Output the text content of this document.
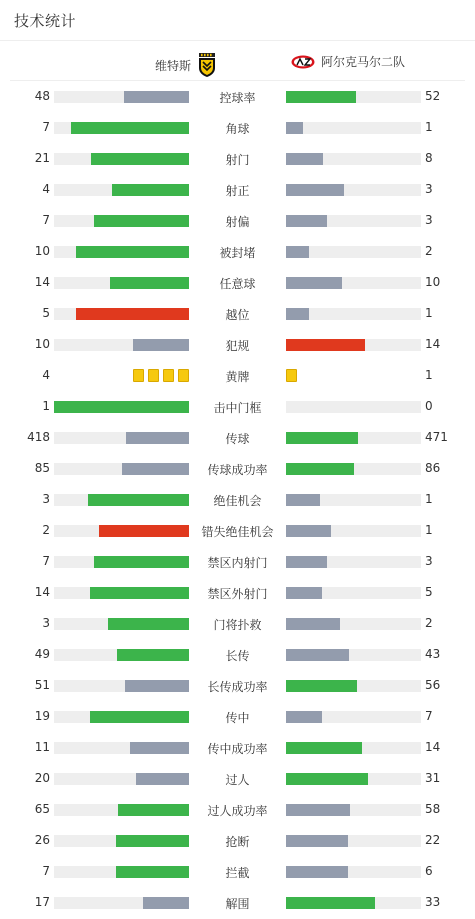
技术统计
维特斯	阿尔克马尔二队
48	控球率	52
7	角球	1
21	射门	8
4	射正	3
7	射偏	3
10	被封堵	2
14	任意球	10
5	越位	1
10	犯规	14
4	黄牌	1
1	击中门框	0
418	传球	471
85	传球成功率	86
3	绝佳机会	1
2	错失绝佳机会	1
7	禁区内射门	3
14	禁区外射门	5
3	门将扑救	2
49	长传	43
51	长传成功率	56
19	传中	7
11	传中成功率	14
20	过人	31
65	过人成功率	58
26	抢断	22
7	拦截	6
17	解围	33
